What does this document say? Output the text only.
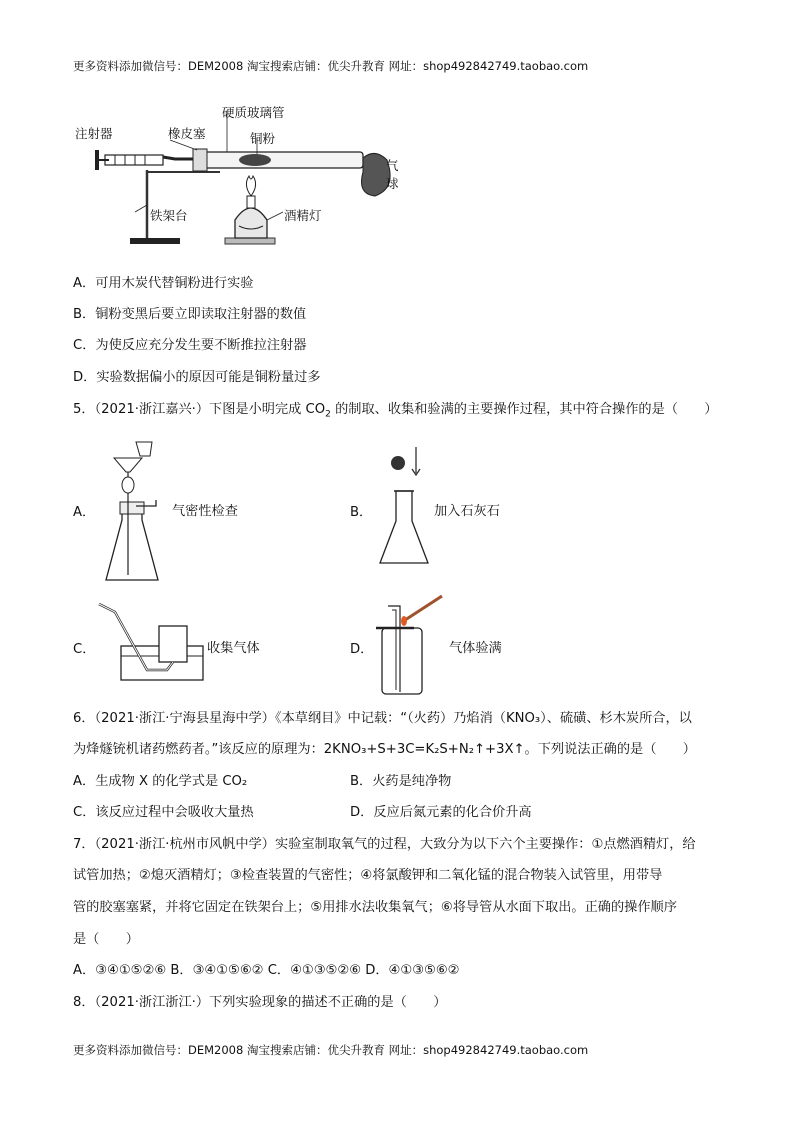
更多资料添加微信号：DEM2008 淘宝搜索店铺：优尖升教育 网址：shop492842749.taobao.com
注射器	橡皮塞
硬质玻璃管
铜粉
气
球
铁架台	酒精灯
A．可用木炭代替铜粉进行实验
B．铜粉变黑后要立即读取注射器的数值
C．为使反应充分发生要不断推拉注射器
D．实验数据偏小的原因可能是铜粉量过多
5．（2021·浙江嘉兴·）下图是小明完成 $CO_2$ 的制取、收集和验满的主要操作过程，其中符合操作的是（　　）
A．	气密性检查	B．	加入石灰石
C．	收集气体	D．	气体验满
6．（2021·浙江·宁海县星海中学）《本草纲目》中记载：“（火药）乃焰消（KNO₃）、硫磺、杉木炭所合，以
为烽燧铳机诸药燃药者。”该反应的原理为：2KNO₃+S+3C=K₂S+N₂↑+3X↑。下列说法正确的是（　　）
A．生成物 X 的化学式是 CO₂	B．火药是纯净物
C．该反应过程中会吸收大量热	D．反应后氮元素的化合价升高
7．（2021·浙江·杭州市风帆中学）实验室制取氧气的过程，大致分为以下六个主要操作：①点燃酒精灯，给
试管加热；②熄灭酒精灯；③检查装置的气密性；④将氯酸钾和二氧化锰的混合物装入试管里，用带导
管的胶塞塞紧，并将它固定在铁架台上；⑤用排水法收集氧气；⑥将导管从水面下取出。正确的操作顺序
是（　　）
A．③④①⑤②⑥ B．③④①⑤⑥② C．④①③⑤②⑥ D．④①③⑤⑥②
8．（2021·浙江浙江·）下列实验现象的描述不正确的是（　　）
更多资料添加微信号：DEM2008 淘宝搜索店铺：优尖升教育 网址：shop492842749.taobao.com
